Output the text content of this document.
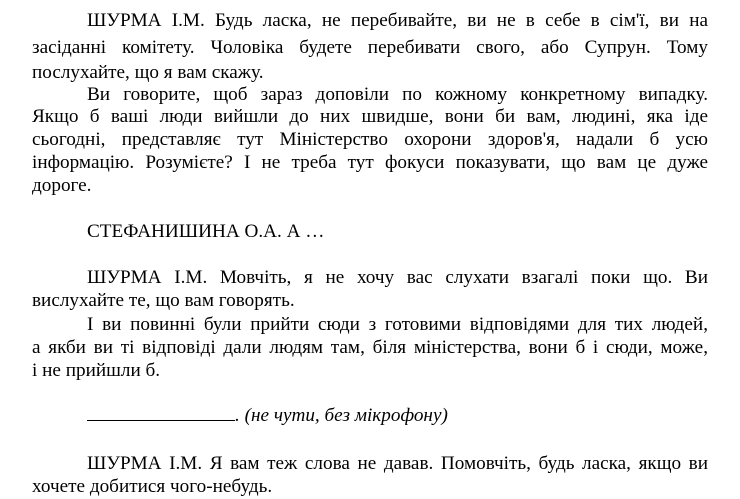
ШУРМА І.М. Будь ласка, не перебивайте, ви не в себе в сім'ї, ви на
засіданні комітету. Чоловіка будете перебивати свого, або Супрун. Тому
послухайте, що я вам скажу.
Ви говорите, щоб зараз доповіли по кожному конкретному випадку.
Якщо б ваші люди вийшли до них швидше, вони би вам, людині, яка іде
сьогодні, представляє тут Міністерство охорони здоров'я, надали б усю
інформацію. Розумієте? І не треба тут фокуси показувати, що вам це дуже
дороге.
СТЕФАНИШИНА О.А. А …
ШУРМА І.М. Мовчіть, я не хочу вас слухати взагалі поки що. Ви
вислухайте те, що вам говорять.
І ви повинні були прийти сюди з готовими відповідями для тих людей,
а якби ви ті відповіді дали людям там, біля міністерства, вони б і сюди, може,
і не прийшли б.
. (не чути, без мікрофону)
ШУРМА І.М. Я вам теж слова не давав. Помовчіть, будь ласка, якщо ви
хочете добитися чого-небудь.
